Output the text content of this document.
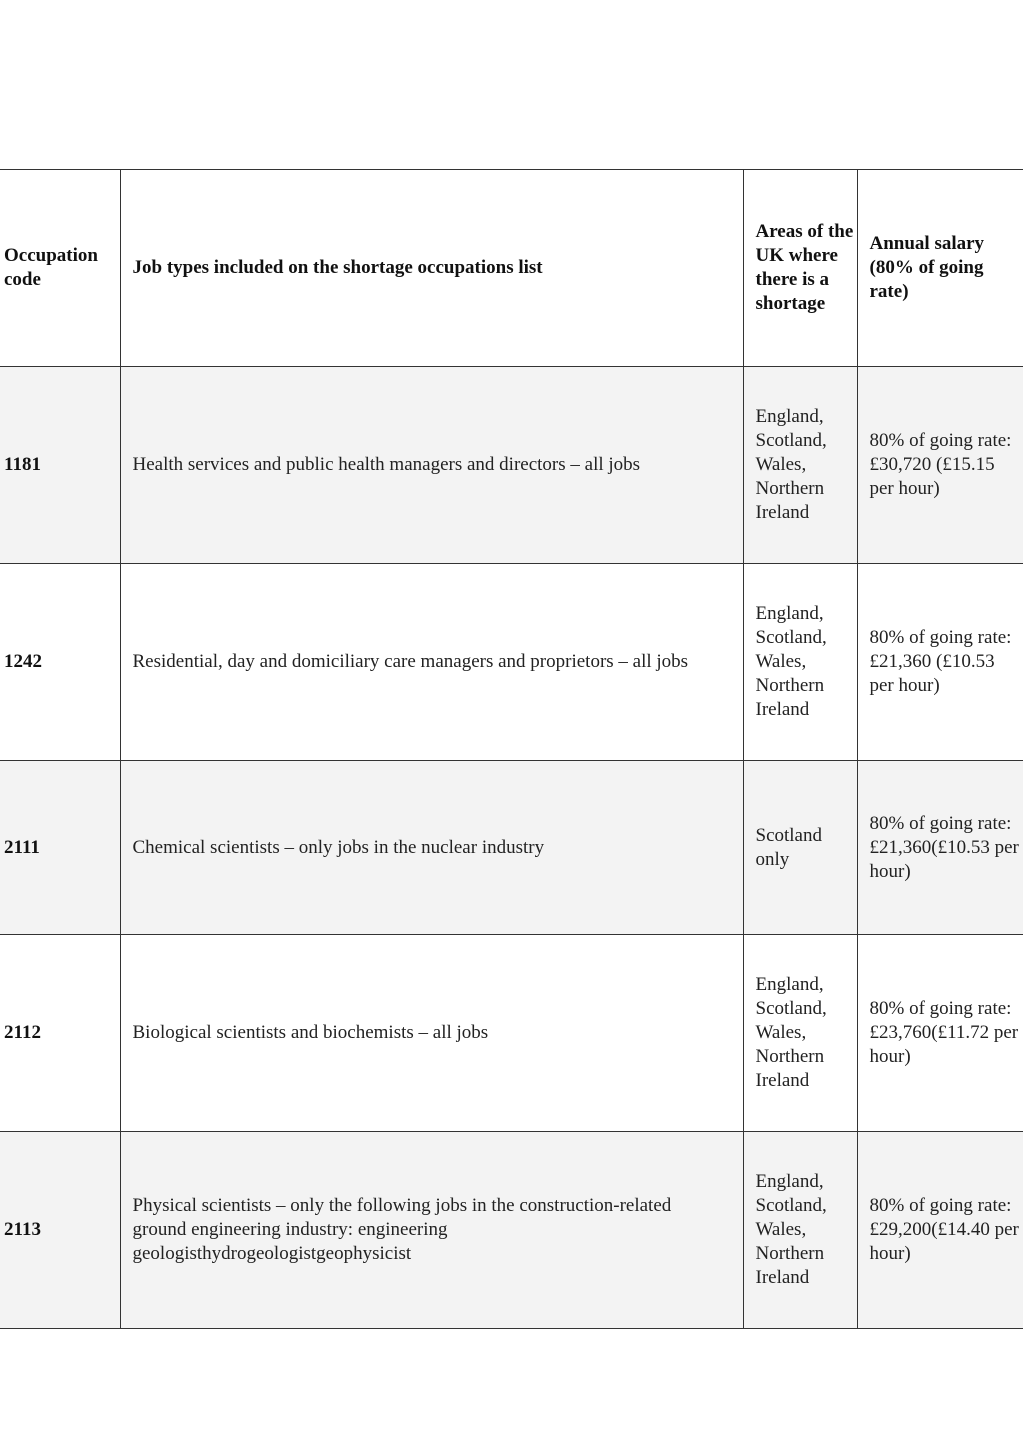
Occupation code	Job types included on the shortage occupations list	Areas of the UK where there is a shortage	Annual salary (80% of going rate)
1181	Health services and public health managers and directors – all jobs	England, Scotland, Wales, Northern Ireland	80% of going rate: £30,720 (£15.15 per hour)
1242	Residential, day and domiciliary care managers and proprietors – all jobs	England, Scotland, Wales, Northern Ireland	80% of going rate: £21,360 (£10.53 per hour)
2111	Chemical scientists – only jobs in the nuclear industry	Scotland only	80% of going rate: £21,360(£10.53 per hour)
2112	Biological scientists and biochemists – all jobs	England, Scotland, Wales, Northern Ireland	80% of going rate: £23,760(£11.72 per hour)
2113	Physical scientists – only the following jobs in the construction-related ground engineering industry: engineering geologisthydrogeologistgeophysicist	England, Scotland, Wales, Northern Ireland	80% of going rate: £29,200(£14.40 per hour)
